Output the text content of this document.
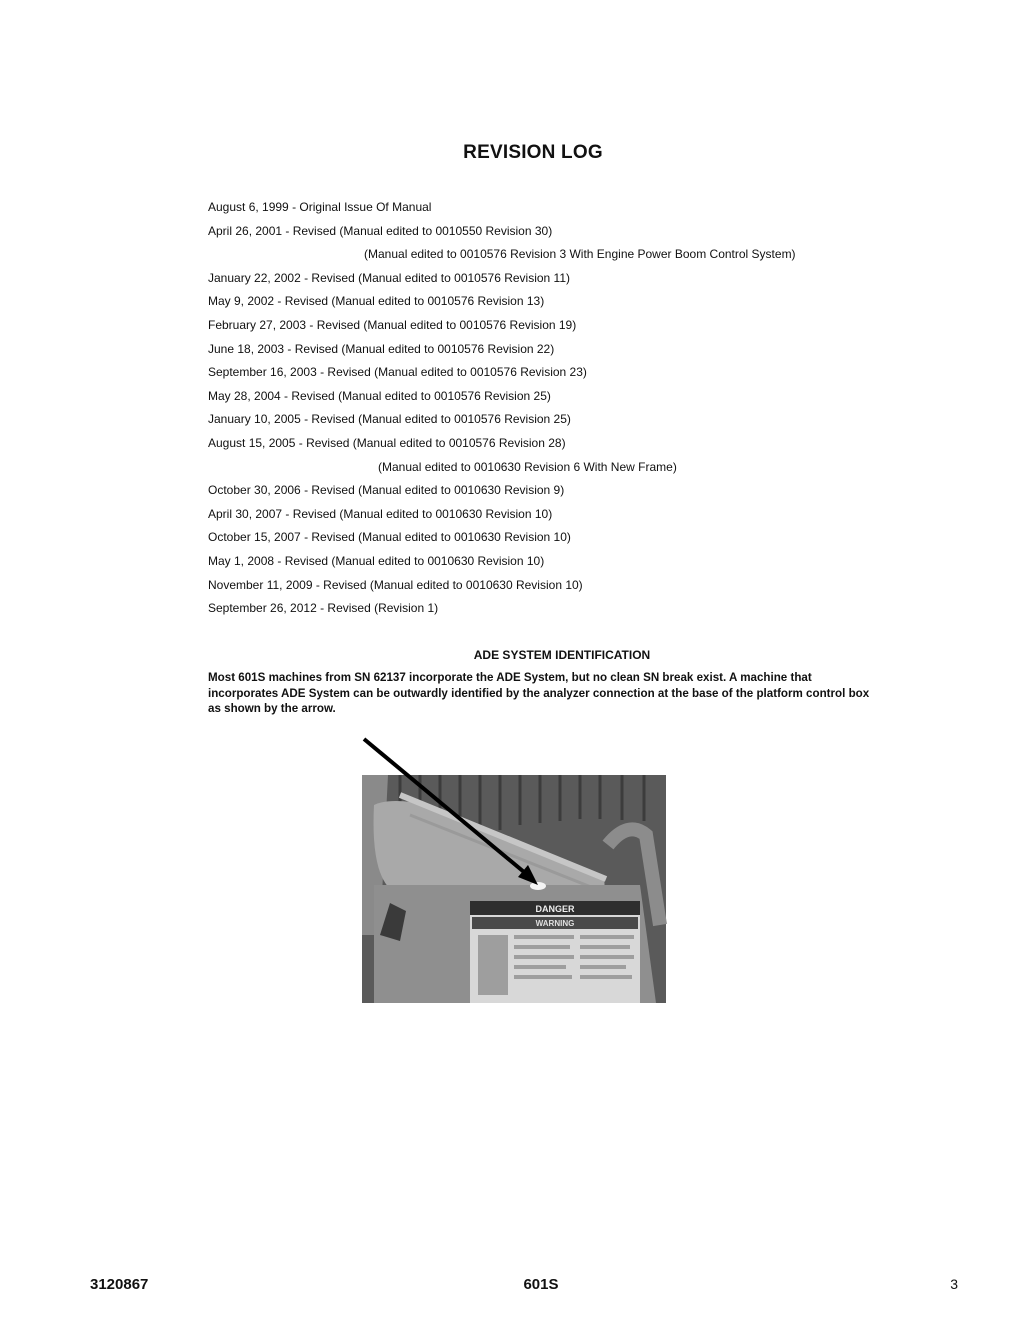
REVISION LOG
August 6, 1999 - Original Issue Of Manual
April 26, 2001 - Revised (Manual edited to 0010550 Revision 30)
(Manual edited to 0010576 Revision 3 With Engine Power Boom Control System)
January 22, 2002 - Revised (Manual edited to 0010576 Revision 11)
May 9, 2002 - Revised (Manual edited to 0010576 Revision 13)
February 27, 2003 - Revised (Manual edited to 0010576 Revision 19)
June 18, 2003 - Revised (Manual edited to 0010576 Revision 22)
September 16, 2003 - Revised (Manual edited to 0010576 Revision 23)
May 28, 2004 - Revised (Manual edited to 0010576 Revision 25)
January 10, 2005 - Revised (Manual edited to 0010576 Revision 25)
August 15, 2005 - Revised (Manual edited to 0010576 Revision 28)
(Manual edited to 0010630 Revision 6 With New Frame)
October 30, 2006 - Revised (Manual edited to 0010630 Revision 9)
April 30, 2007 - Revised (Manual edited to 0010630 Revision 10)
October 15, 2007 - Revised (Manual edited to 0010630 Revision 10)
May 1, 2008 - Revised (Manual edited to 0010630 Revision 10)
November 11, 2009 - Revised (Manual edited to 0010630 Revision 10)
September 26, 2012 - Revised (Revision 1)
ADE SYSTEM IDENTIFICATION
Most 601S machines from SN 62137 incorporate the ADE System, but no clean SN break exist. A machine that incorporates ADE System can be outwardly identified by the analyzer connection at the base of the platform control box as shown by the arrow.
DANGER
WARNING
3120867	601S	3
